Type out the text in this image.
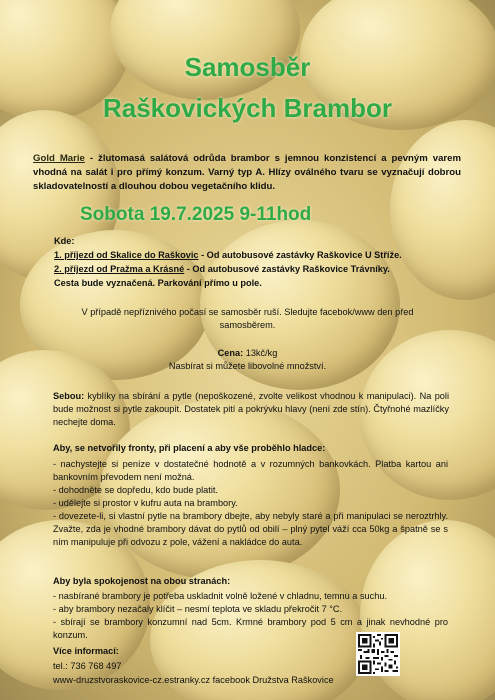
Samosběr
Raškovických Brambor
Gold Marie - žlutomasá salátová odrůda brambor s jemnou konzistencí a pevným varem vhodná na salát i pro přímý konzum. Varný typ A. Hlízy oválného tvaru se vyznačují dobrou skladovatelností a dlouhou dobou vegetačního klidu.
Sobota 19.7.2025 9-11hod
Kde:
1. příjezd od Skalice do Raškovic - Od autobusové zastávky Raškovice U Stříže.
2. příjezd od Pražma a Krásné - Od autobusové zastávky Raškovice Trávníky.
Cesta bude vyznačená. Parkování přímo u pole.
V případě nepříznivého počasí se samosběr ruší. Sledujte facebok/www den před
samosběrem.
Cena: 13kč/kg
Nasbírat si můžete libovolné množství.
Sebou: kyblíky na sbírání a pytle (nepoškozené, zvolte velikost vhodnou k manipulaci). Na poli bude možnost si pytle zakoupit. Dostatek pití a pokrývku hlavy (není zde stín). Čtyřnohé mazlíčky nechejte doma.
Aby, se netvořily fronty, při placení a aby vše proběhlo hladce:
- nachystejte si peníze v dostatečné hodnotě a v rozumných bankovkách. Platba kartou ani bankovním převodem není možná.
- dohodněte se dopředu, kdo bude platit.
- udělejte si prostor v kufru auta na brambory.
- dovezete-li, si vlastní pytle na brambory dbejte, aby nebyly staré a při manipulaci se neroztrhly. Zvažte, zda je vhodné brambory dávat do pytlů od obilí – plný pytel váží cca 50kg a špatně se s ním manipuluje při odvozu z pole, vážení a nakládce do auta.
Aby byla spokojenost na obou stranách:
- nasbírané brambory je potřeba uskladnit volně ložené v chladnu, temnu a suchu.
- aby brambory nezačaly klíčit – nesmí teplota ve skladu překročit 7 °C.
- sbírají se brambory konzumní nad 5cm. Krmné brambory pod 5 cm a jinak nevhodné pro konzum.
Více informací:
tel.: 736 768 497
www-druzstvoraskovice-cz.estranky.cz facebook Družstva Raškovice
